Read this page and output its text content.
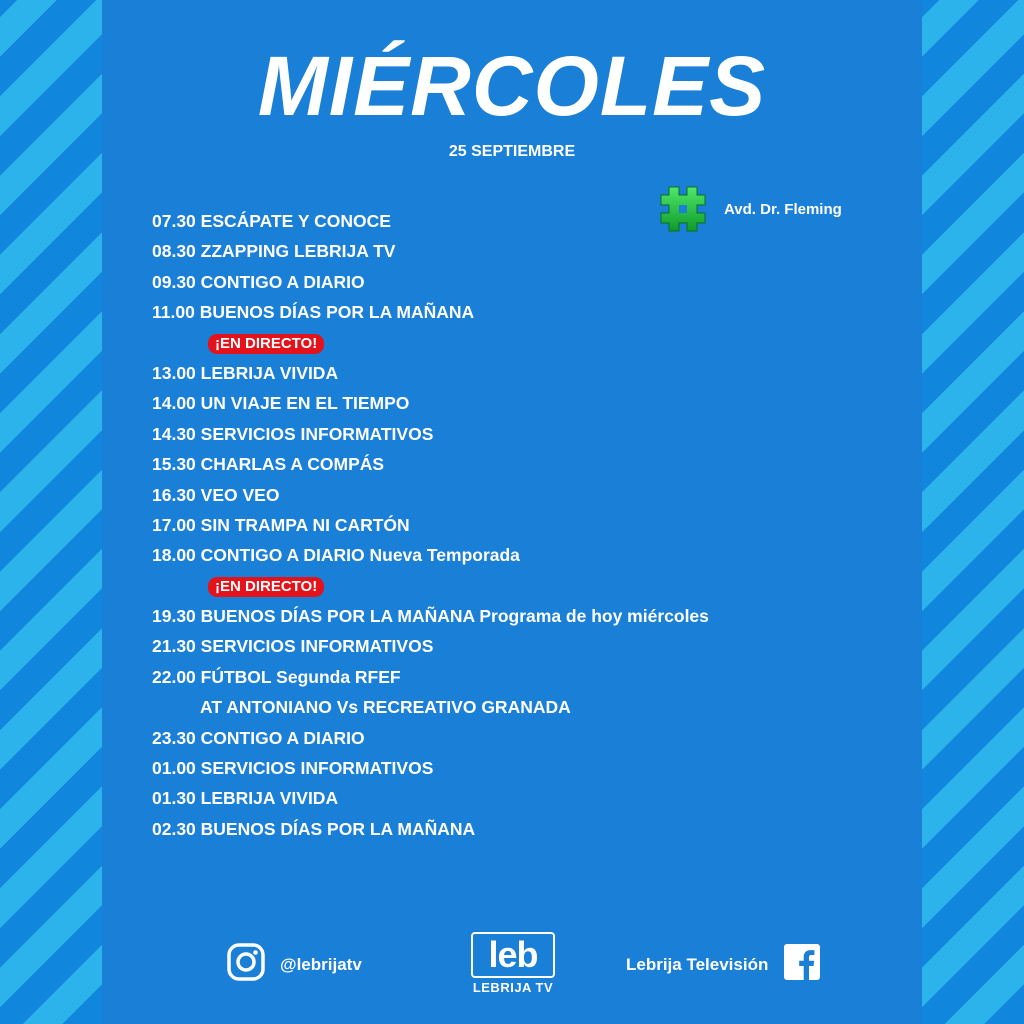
MIÉRCOLES
25 SEPTIEMBRE
Avd. Dr. Fleming
07.30 ESCÁPATE Y CONOCE
08.30 ZZAPPING LEBRIJA TV
09.30 CONTIGO A DIARIO
11.00 BUENOS DÍAS POR LA MAÑANA
¡EN DIRECTO!
13.00 LEBRIJA VIVIDA
14.00 UN VIAJE EN EL TIEMPO
14.30 SERVICIOS INFORMATIVOS
15.30 CHARLAS A COMPÁS
16.30 VEO VEO
17.00 SIN TRAMPA NI CARTÓN
18.00 CONTIGO A DIARIO Nueva Temporada
¡EN DIRECTO!
19.30 BUENOS DÍAS POR LA MAÑANA Programa de hoy miércoles
21.30 SERVICIOS INFORMATIVOS
22.00 FÚTBOL Segunda RFEF
AT ANTONIANO Vs RECREATIVO GRANADA
23.30 CONTIGO A DIARIO
01.00 SERVICIOS INFORMATIVOS
01.30 LEBRIJA VIVIDA
02.30 BUENOS DÍAS POR LA MAÑANA
@lebrijatv	leb
LEBRIJA TV
Lebrija Televisión
